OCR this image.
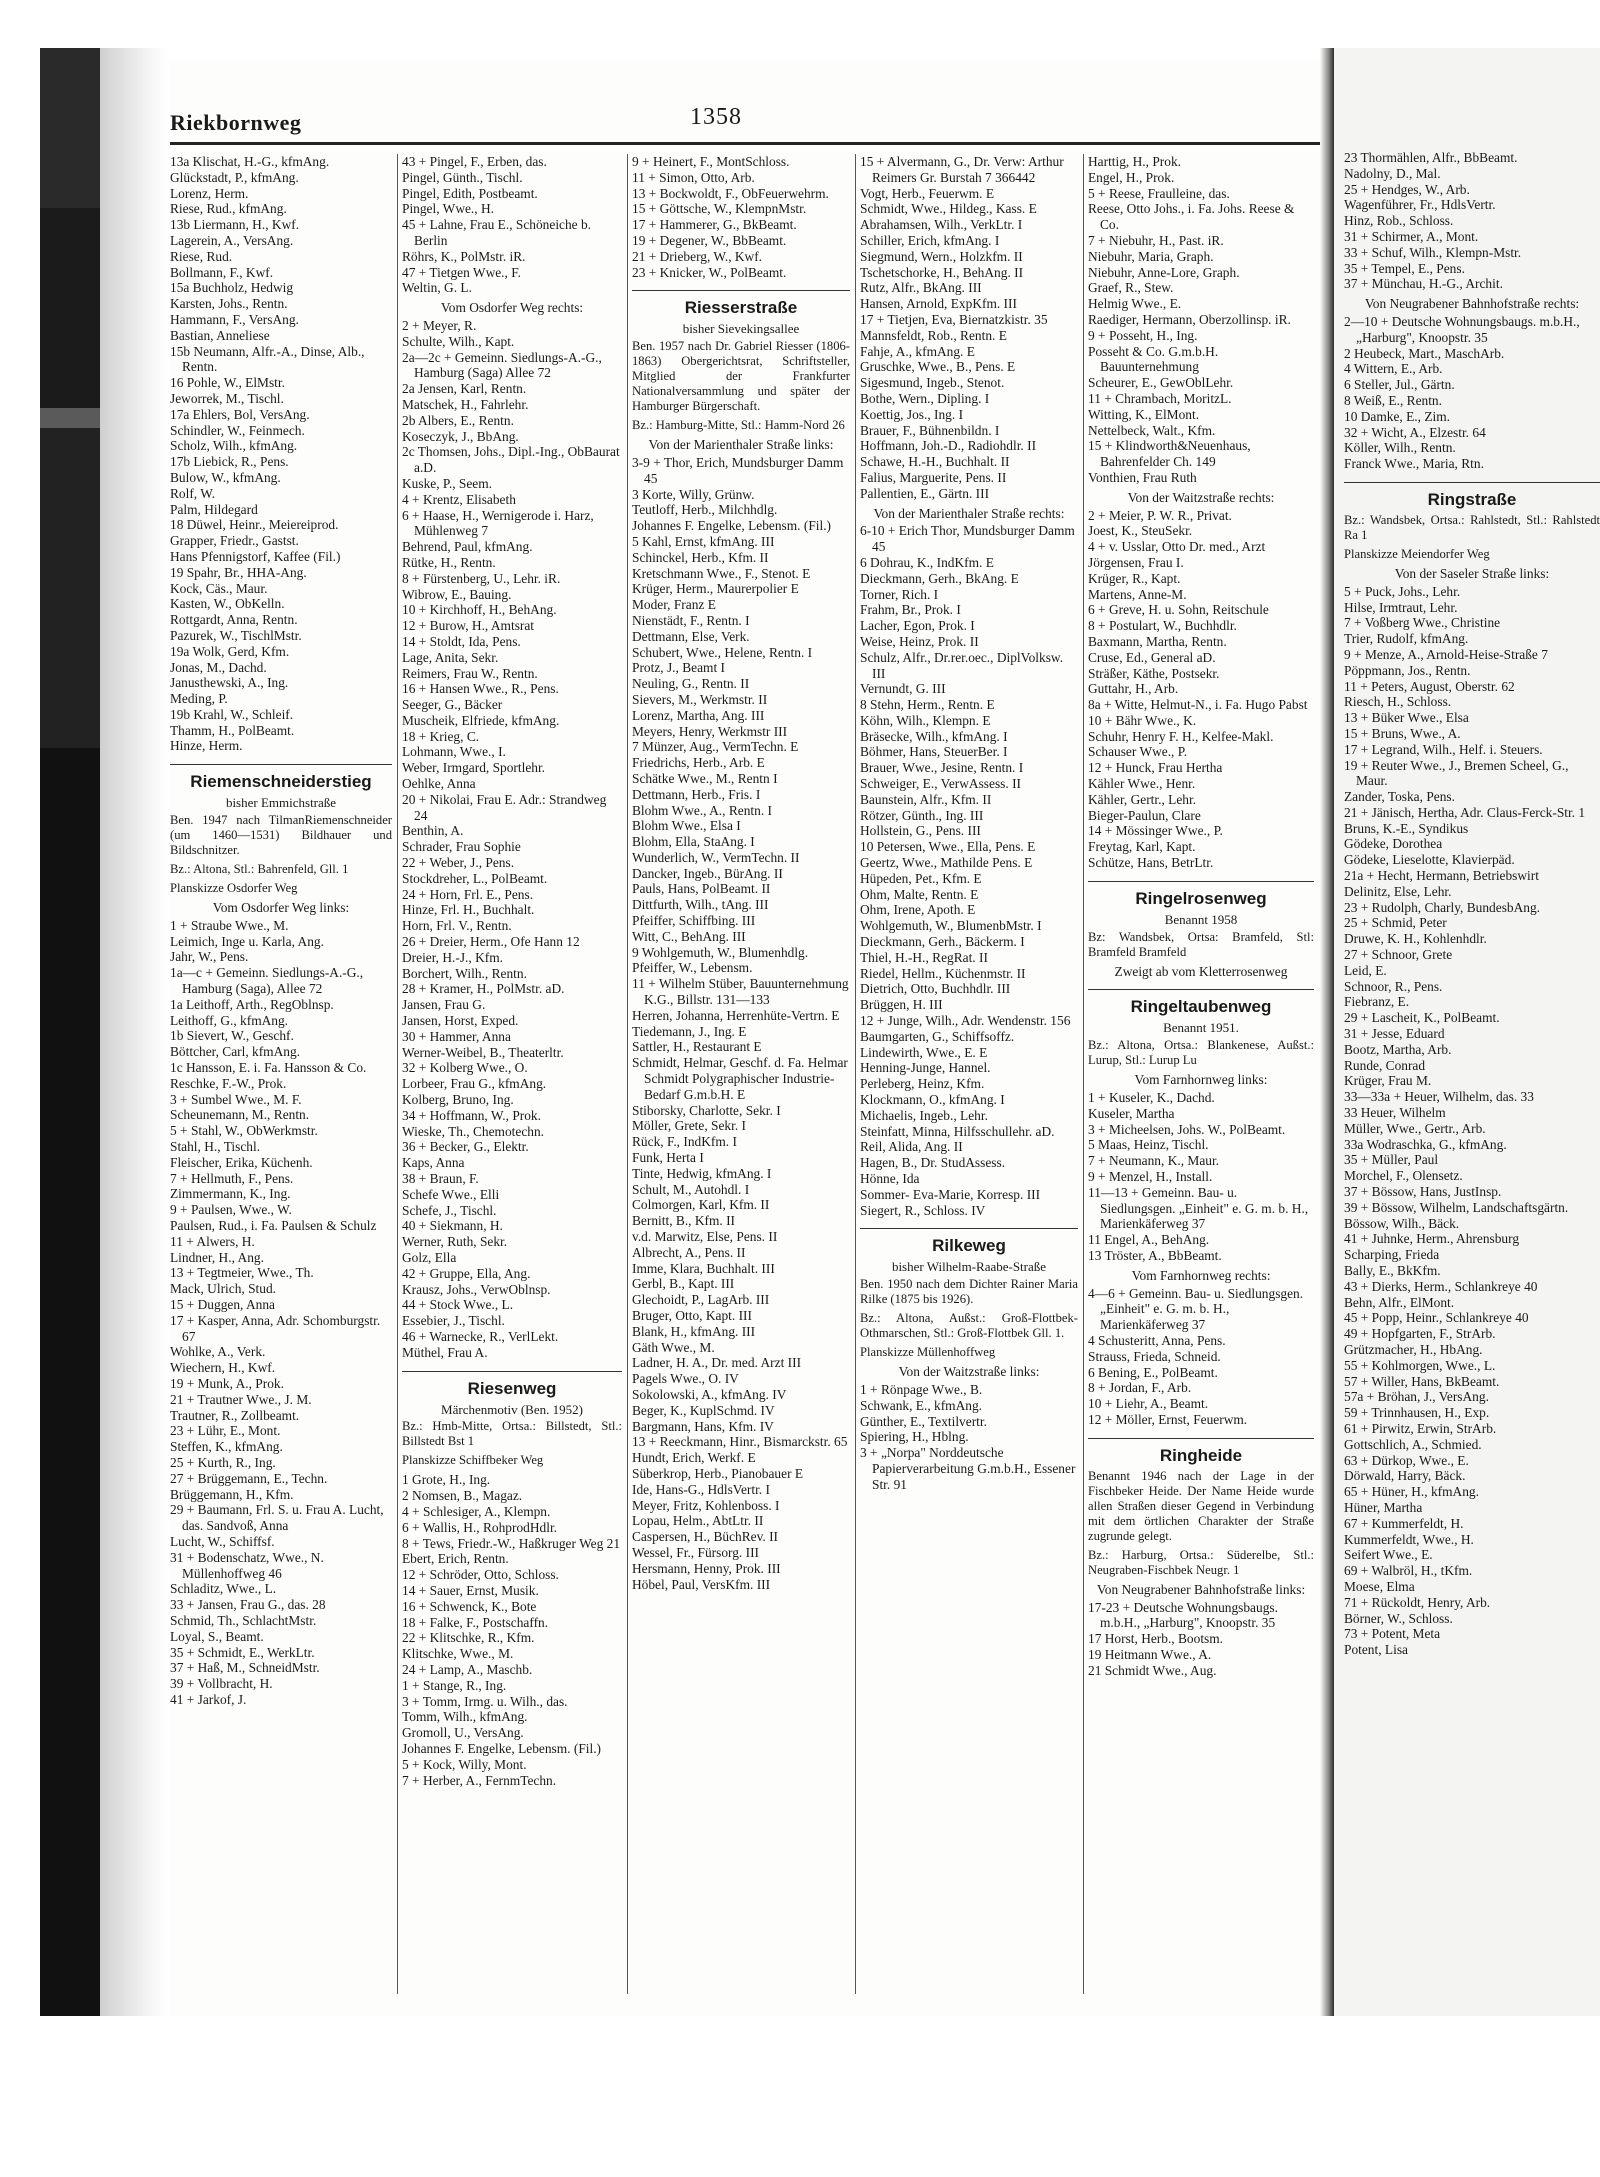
Riekbornweg	1358
13a Klischat, H.-G., kfmAng.
Glückstadt, P., kfmAng.
Lorenz, Herm.
Riese, Rud., kfmAng.
13b Liermann, H., Kwf.
Lagerein, A., VersAng.
Riese, Rud.
Bollmann, F., Kwf.
15a Buchholz, Hedwig
Karsten, Johs., Rentn.
Hammann, F., VersAng.
Bastian, Anneliese
15b Neumann, Alfr.-A., Dinse, Alb., Rentn.
16 Pohle, W., ElMstr.
Jeworrek, M., Tischl.
17a Ehlers, Bol, VersAng.
Schindler, W., Feinmech.
Scholz, Wilh., kfmAng.
17b Liebick, R., Pens.
Bulow, W., kfmAng.
Rolf, W.
Palm, Hildegard
18 Düwel, Heinr., Meiereiprod.
Grapper, Friedr., Gastst.
Hans Pfennigstorf, Kaffee (Fil.)
19 Spahr, Br., HHA-Ang.
Kock, Cäs., Maur.
Kasten, W., ObKelln.
Rottgardt, Anna, Rentn.
Pazurek, W., TischlMstr.
19a Wolk, Gerd, Kfm.
Jonas, M., Dachd.
Janusthewski, A., Ing.
Meding, P.
19b Krahl, W., Schleif.
Thamm, H., PolBeamt.
Hinze, Herm.
Riemenschneiderstieg
bisher Emmichstraße
Ben. 1947 nach TilmanRiemenschneider (um 1460—1531) Bildhauer und Bildschnitzer.
Bz.: Altona, Stl.: Bahrenfeld, Gll. 1
Planskizze Osdorfer Weg
Vom Osdorfer Weg links:
1 + Straube Wwe., M.
Leimich, Inge u. Karla, Ang.
Jahr, W., Pens.
1a—c + Gemeinn. Siedlungs-A.-G., Hamburg (Saga), Allee 72
1a Leithoff, Arth., RegOblnsp.
Leithoff, G., kfmAng.
1b Sievert, W., Geschf.
Böttcher, Carl, kfmAng.
1c Hansson, E. i. Fa. Hansson & Co.
Reschke, F.-W., Prok.
3 + Sumbel Wwe., M. F.
Scheunemann, M., Rentn.
5 + Stahl, W., ObWerkmstr.
Stahl, H., Tischl.
Fleischer, Erika, Küchenh.
7 + Hellmuth, F., Pens.
Zimmermann, K., Ing.
9 + Paulsen, Wwe., W.
Paulsen, Rud., i. Fa. Paulsen & Schulz
11 + Alwers, H.
Lindner, H., Ang.
13 + Tegtmeier, Wwe., Th.
Mack, Ulrich, Stud.
15 + Duggen, Anna
17 + Kasper, Anna, Adr. Schomburgstr. 67
Wohlke, A., Verk.
Wiechern, H., Kwf.
19 + Munk, A., Prok.
21 + Trautner Wwe., J. M.
Trautner, R., Zollbeamt.
23 + Lühr, E., Mont.
Steffen, K., kfmAng.
25 + Kurth, R., Ing.
27 + Brüggemann, E., Techn.
Brüggemann, H., Kfm.
29 + Baumann, Frl. S. u. Frau A. Lucht, das. Sandvoß, Anna
Lucht, W., Schiffsf.
31 + Bodenschatz, Wwe., N. Müllenhoffweg 46
Schladitz, Wwe., L.
33 + Jansen, Frau G., das. 28
Schmid, Th., SchlachtMstr.
Loyal, S., Beamt.
35 + Schmidt, E., WerkLtr.
37 + Haß, M., SchneidMstr.
39 + Vollbracht, H.
41 + Jarkof, J.
43 + Pingel, F., Erben, das.
Pingel, Günth., Tischl.
Pingel, Edith, Postbeamt.
Pingel, Wwe., H.
45 + Lahne, Frau E., Schöneiche b. Berlin
Röhrs, K., PolMstr. iR.
47 + Tietgen Wwe., F.
Weltin, G. L.
Vom Osdorfer Weg rechts:
2 + Meyer, R.
Schulte, Wilh., Kapt.
2a—2c + Gemeinn. Siedlungs-A.-G., Hamburg (Saga) Allee 72
2a Jensen, Karl, Rentn.
Matschek, H., Fahrlehr.
2b Albers, E., Rentn.
Koseczyk, J., BbAng.
2c Thomsen, Johs., Dipl.-Ing., ObBaurat a.D.
Kuske, P., Seem.
4 + Krentz, Elisabeth
6 + Haase, H., Wernigerode i. Harz, Mühlenweg 7
Behrend, Paul, kfmAng.
Rütke, H., Rentn.
8 + Fürstenberg, U., Lehr. iR.
Wibrow, E., Bauing.
10 + Kirchhoff, H., BehAng.
12 + Burow, H., Amtsrat
14 + Stoldt, Ida, Pens.
Lage, Anita, Sekr.
Reimers, Frau W., Rentn.
16 + Hansen Wwe., R., Pens.
Seeger, G., Bäcker
Muscheik, Elfriede, kfmAng.
18 + Krieg, C.
Lohmann, Wwe., I.
Weber, Irmgard, Sportlehr.
Oehlke, Anna
20 + Nikolai, Frau E. Adr.: Strandweg 24
Benthin, A.
Schrader, Frau Sophie
22 + Weber, J., Pens.
Stockdreher, L., PolBeamt.
24 + Horn, Frl. E., Pens.
Hinze, Frl. H., Buchhalt.
Horn, Frl. V., Rentn.
26 + Dreier, Herm., Ofe Hann 12
Dreier, H.-J., Kfm.
Borchert, Wilh., Rentn.
28 + Kramer, H., PolMstr. aD.
Jansen, Frau G.
Jansen, Horst, Exped.
30 + Hammer, Anna
Werner-Weibel, B., Theaterltr.
32 + Kolberg Wwe., O.
Lorbeer, Frau G., kfmAng.
Kolberg, Bruno, Ing.
34 + Hoffmann, W., Prok.
Wieske, Th., Chemotechn.
36 + Becker, G., Elektr.
Kaps, Anna
38 + Braun, F.
Schefe Wwe., Elli
Schefe, J., Tischl.
40 + Siekmann, H.
Werner, Ruth, Sekr.
Golz, Ella
42 + Gruppe, Ella, Ang.
Krausz, Johs., VerwOblnsp.
44 + Stock Wwe., L.
Essebier, J., Tischl.
46 + Warnecke, R., VerlLekt.
Müthel, Frau A.
Riesenweg
Märchenmotiv (Ben. 1952)
Bz.: Hmb-Mitte, Ortsa.: Billstedt, Stl.: Billstedt Bst 1
Planskizze Schiffbeker Weg
1 Grote, H., Ing.
2 Nomsen, B., Magaz.
4 + Schlesiger, A., Klempn.
6 + Wallis, H., RohprodHdlr.
8 + Tews, Friedr.-W., Haßkruger Weg 21
Ebert, Erich, Rentn.
12 + Schröder, Otto, Schloss.
14 + Sauer, Ernst, Musik.
16 + Schwenck, K., Bote
18 + Falke, F., Postschaffn.
22 + Klitschke, R., Kfm.
Klitschke, Wwe., M.
24 + Lamp, A., Maschb.
1 + Stange, R., Ing.
3 + Tomm, Irmg. u. Wilh., das.
Tomm, Wilh., kfmAng.
Gromoll, U., VersAng.
Johannes F. Engelke, Lebensm. (Fil.)
5 + Kock, Willy, Mont.
7 + Herber, A., FernmTechn.
9 + Heinert, F., MontSchloss.
11 + Simon, Otto, Arb.
13 + Bockwoldt, F., ObFeuerwehrm.
15 + Göttsche, W., KlempnMstr.
17 + Hammerer, G., BkBeamt.
19 + Degener, W., BbBeamt.
21 + Drieberg, W., Kwf.
23 + Knicker, W., PolBeamt.
Riesserstraße
bisher Sievekingsallee
Ben. 1957 nach Dr. Gabriel Riesser (1806-1863) Obergerichtsrat, Schriftsteller, Mitglied der Frankfurter Nationalversammlung und später der Hamburger Bürgerschaft.
Bz.: Hamburg-Mitte, Stl.: Hamm-Nord 26
Von der Marienthaler Straße links:
3-9 + Thor, Erich, Mundsburger Damm 45
3 Korte, Willy, Grünw.
Teutloff, Herb., Milchhdlg.
Johannes F. Engelke, Lebensm. (Fil.)
5 Kahl, Ernst, kfmAng. III
Schinckel, Herb., Kfm. II
Kretschmann Wwe., F., Stenot. E
Krüger, Herm., Maurerpolier E
Moder, Franz E
Nienstädt, F., Rentn. I
Dettmann, Else, Verk.
Schubert, Wwe., Helene, Rentn. I
Protz, J., Beamt I
Neuling, G., Rentn. II
Sievers, M., Werkmstr. II
Lorenz, Martha, Ang. III
Meyers, Henry, Werkmstr III
7 Münzer, Aug., VermTechn. E
Friedrichs, Herb., Arb. E
Schätke Wwe., M., Rentn I
Dettmann, Herb., Fris. I
Blohm Wwe., A., Rentn. I
Blohm Wwe., Elsa I
Blohm, Ella, StaAng. I
Wunderlich, W., VermTechn. II
Dancker, Ingeb., BürAng. II
Pauls, Hans, PolBeamt. II
Dittfurth, Wilh., tAng. III
Pfeiffer, Schiffbing. III
Witt, C., BehAng. III
9 Wohlgemuth, W., Blumenhdlg.
Pfeiffer, W., Lebensm.
11 + Wilhelm Stüber, Bauunternehmung K.G., Billstr. 131—133
Herren, Johanna, Herrenhüte-Vertrn. E
Tiedemann, J., Ing. E
Sattler, H., Restaurant E
Schmidt, Helmar, Geschf. d. Fa. Helmar Schmidt Polygraphischer Industrie-Bedarf G.m.b.H. E
Stiborsky, Charlotte, Sekr. I
Möller, Grete, Sekr. I
Rück, F., IndKfm. I
Funk, Herta I
Tinte, Hedwig, kfmAng. I
Schult, M., Autohdl. I
Colmorgen, Karl, Kfm. II
Bernitt, B., Kfm. II
v.d. Marwitz, Else, Pens. II
Albrecht, A., Pens. II
Imme, Klara, Buchhalt. III
Gerbl, B., Kapt. III
Glechoidt, P., LagArb. III
Bruger, Otto, Kapt. III
Blank, H., kfmAng. III
Gäth Wwe., M.
Ladner, H. A., Dr. med. Arzt III
Pagels Wwe., O. IV
Sokolowski, A., kfmAng. IV
Beger, K., KuplSchmd. IV
Bargmann, Hans, Kfm. IV
13 + Reeckmann, Hinr., Bismarckstr. 65
Hundt, Erich, Werkf. E
Süberkrop, Herb., Pianobauer E
Ide, Hans-G., HdlsVertr. I
Meyer, Fritz, Kohlenboss. I
Lopau, Helm., AbtLtr. II
Caspersen, H., BüchRev. II
Wessel, Fr., Fürsorg. III
Hersmann, Henny, Prok. III
Höbel, Paul, VersKfm. III
15 + Alvermann, G., Dr. Verw: Arthur Reimers Gr. Burstah 7 366442
Vogt, Herb., Feuerwm. E
Schmidt, Wwe., Hildeg., Kass. E
Abrahamsen, Wilh., VerkLtr. I
Schiller, Erich, kfmAng. I
Siegmund, Wern., Holzkfm. II
Tschetschorke, H., BehAng. II
Rutz, Alfr., BkAng. III
Hansen, Arnold, ExpKfm. III
17 + Tietjen, Eva, Biernatzkistr. 35
Mannsfeldt, Rob., Rentn. E
Fahje, A., kfmAng. E
Gruschke, Wwe., B., Pens. E
Sigesmund, Ingeb., Stenot.
Bothe, Wern., Dipling. I
Koettig, Jos., Ing. I
Brauer, F., Bühnenbildn. I
Hoffmann, Joh.-D., Radiohdlr. II
Schawe, H.-H., Buchhalt. II
Falius, Marguerite, Pens. II
Pallentien, E., Gärtn. III
Von der Marienthaler Straße rechts:
6-10 + Erich Thor, Mundsburger Damm 45
6 Dohrau, K., IndKfm. E
Dieckmann, Gerh., BkAng. E
Torner, Rich. I
Frahm, Br., Prok. I
Lacher, Egon, Prok. I
Weise, Heinz, Prok. II
Schulz, Alfr., Dr.rer.oec., DiplVolksw. III
Vernundt, G. III
8 Stehn, Herm., Rentn. E
Köhn, Wilh., Klempn. E
Bräsecke, Wilh., kfmAng. I
Böhmer, Hans, SteuerBer. I
Brauer, Wwe., Jesine, Rentn. I
Schweiger, E., VerwAssess. II
Baunstein, Alfr., Kfm. II
Rötzer, Günth., Ing. III
Hollstein, G., Pens. III
10 Petersen, Wwe., Ella, Pens. E
Geertz, Wwe., Mathilde Pens. E
Hüpeden, Pet., Kfm. E
Ohm, Malte, Rentn. E
Ohm, Irene, Apoth. E
Wohlgemuth, W., BlumenbMstr. I
Dieckmann, Gerh., Bäckerm. I
Thiel, H.-H., RegRat. II
Riedel, Hellm., Küchenmstr. II
Dietrich, Otto, Buchhdlr. III
Brüggen, H. III
12 + Junge, Wilh., Adr. Wendenstr. 156
Baumgarten, G., Schiffsoffz.
Lindewirth, Wwe., E. E
Henning-Junge, Hannel.
Perleberg, Heinz, Kfm.
Klockmann, O., kfmAng. I
Michaelis, Ingeb., Lehr.
Steinfatt, Minna, Hilfsschullehr. aD.
Reil, Alida, Ang. II
Hagen, B., Dr. StudAssess.
Hönne, Ida
Sommer- Eva-Marie, Korresp. III
Siegert, R., Schloss. IV
Rilkeweg
bisher Wilhelm-Raabe-Straße
Ben. 1950 nach dem Dichter Rainer Maria Rilke (1875 bis 1926).
Bz.: Altona, Außst.: Groß-Flottbek-Othmarschen, Stl.: Groß-Flottbek Gll. 1.
Planskizze Müllenhoffweg
Von der Waitzstraße links:
1 + Rönpage Wwe., B.
Schwank, E., kfmAng.
Günther, E., Textilvertr.
Spiering, H., Hblng.
3 + „Norpa" Norddeutsche Papierverarbeitung G.m.b.H., Essener Str. 91
Harttig, H., Prok.
Engel, H., Prok.
5 + Reese, Fraulleine, das.
Reese, Otto Johs., i. Fa. Johs. Reese & Co.
7 + Niebuhr, H., Past. iR.
Niebuhr, Maria, Graph.
Niebuhr, Anne-Lore, Graph.
Graef, R., Stew.
Helmig Wwe., E.
Raediger, Hermann, Oberzollinsp. iR.
9 + Posseht, H., Ing.
Posseht & Co. G.m.b.H. Bauunternehmung
Scheurer, E., GewOblLehr.
11 + Chrambach, MoritzL.
Witting, K., ElMont.
Nettelbeck, Walt., Kfm.
15 + Klindworth&Neuenhaus, Bahrenfelder Ch. 149
Vonthien, Frau Ruth
Von der Waitzstraße rechts:
2 + Meier, P. W. R., Privat.
Joest, K., SteuSekr.
4 + v. Usslar, Otto Dr. med., Arzt
Jörgensen, Frau I.
Krüger, R., Kapt.
Martens, Anne-M.
6 + Greve, H. u. Sohn, Reitschule
8 + Postulart, W., Buchhdlr.
Baxmann, Martha, Rentn.
Cruse, Ed., General aD.
Sträßer, Käthe, Postsekr.
Guttahr, H., Arb.
8a + Witte, Helmut-N., i. Fa. Hugo Pabst
10 + Bähr Wwe., K.
Schuhr, Henry F. H., Kelfee-Makl.
Schauser Wwe., P.
12 + Hunck, Frau Hertha
Kähler Wwe., Henr.
Kähler, Gertr., Lehr.
Bieger-Paulun, Clare
14 + Mössinger Wwe., P.
Freytag, Karl, Kapt.
Schütze, Hans, BetrLtr.
Ringelrosenweg
Benannt 1958
Bz: Wandsbek, Ortsa: Bramfeld, Stl: Bramfeld Bramfeld
Zweigt ab vom Kletterrosenweg
Ringeltaubenweg
Benannt 1951.
Bz.: Altona, Ortsa.: Blankenese, Außst.: Lurup, Stl.: Lurup Lu
Vom Farnhornweg links:
1 + Kuseler, K., Dachd.
Kuseler, Martha
3 + Micheelsen, Johs. W., PolBeamt.
5 Maas, Heinz, Tischl.
7 + Neumann, K., Maur.
9 + Menzel, H., Install.
11—13 + Gemeinn. Bau- u. Siedlungsgen. „Einheit" e. G. m. b. H., Marienkäferweg 37
11 Engel, A., BehAng.
13 Tröster, A., BbBeamt.
Vom Farnhornweg rechts:
4—6 + Gemeinn. Bau- u. Siedlungsgen. „Einheit" e. G. m. b. H., Marienkäferweg 37
4 Schusteritt, Anna, Pens.
Strauss, Frieda, Schneid.
6 Bening, E., PolBeamt.
8 + Jordan, F., Arb.
10 + Liehr, A., Beamt.
12 + Möller, Ernst, Feuerwm.
Ringheide
Benannt 1946 nach der Lage in der Fischbeker Heide. Der Name Heide wurde allen Straßen dieser Gegend in Verbindung mit dem örtlichen Charakter der Straße zugrunde gelegt.
Bz.: Harburg, Ortsa.: Süderelbe, Stl.: Neugraben-Fischbek Neugr. 1
Von Neugrabener Bahnhofstraße links:
17-23 + Deutsche Wohnungsbaugs. m.b.H., „Harburg", Knoopstr. 35
17 Horst, Herb., Bootsm.
19 Heitmann Wwe., A.
21 Schmidt Wwe., Aug.
23 Thormählen, Alfr., BbBeamt.
Nadolny, D., Mal.
25 + Hendges, W., Arb.
Wagenführer, Fr., HdlsVertr.
Hinz, Rob., Schloss.
31 + Schirmer, A., Mont.
33 + Schuf, Wilh., Klempn-Mstr.
35 + Tempel, E., Pens.
37 + Münchau, H.-G., Archit.
Von Neugrabener Bahnhofstraße rechts:
2—10 + Deutsche Wohnungsbaugs. m.b.H., „Harburg", Knoopstr. 35
2 Heubeck, Mart., MaschArb.
4 Wittern, E., Arb.
6 Steller, Jul., Gärtn.
8 Weiß, E., Rentn.
10 Damke, E., Zim.
32 + Wicht, A., Elzestr. 64
Köller, Wilh., Rentn.
Franck Wwe., Maria, Rtn.
Ringstraße
Bz.: Wandsbek, Ortsa.: Rahlstedt, Stl.: Rahlstedt Ra 1
Planskizze Meiendorfer Weg
Von der Saseler Straße links:
5 + Puck, Johs., Lehr.
Hilse, Irmtraut, Lehr.
7 + Voßberg Wwe., Christine
Trier, Rudolf, kfmAng.
9 + Menze, A., Arnold-Heise-Straße 7
Pöppmann, Jos., Rentn.
11 + Peters, August, Oberstr. 62
Riesch, H., Schloss.
13 + Büker Wwe., Elsa
15 + Bruns, Wwe., A.
17 + Legrand, Wilh., Helf. i. Steuers.
19 + Reuter Wwe., J., Bremen Scheel, G., Maur.
Zander, Toska, Pens.
21 + Jänisch, Hertha, Adr. Claus-Ferck-Str. 1
Bruns, K.-E., Syndikus
Gödeke, Dorothea
Gödeke, Lieselotte, Klavierpäd.
21a + Hecht, Hermann, Betriebswirt
Delinitz, Else, Lehr.
23 + Rudolph, Charly, BundesbAng.
25 + Schmid, Peter
Druwe, K. H., Kohlenhdlr.
27 + Schnoor, Grete
Leid, E.
Schnoor, R., Pens.
Fiebranz, E.
29 + Lascheit, K., PolBeamt.
31 + Jesse, Eduard
Bootz, Martha, Arb.
Runde, Conrad
Krüger, Frau M.
33—33a + Heuer, Wilhelm, das. 33
33 Heuer, Wilhelm
Müller, Wwe., Gertr., Arb.
33a Wodraschka, G., kfmAng.
35 + Müller, Paul
Morchel, F., Olensetz.
37 + Bössow, Hans, JustInsp.
39 + Bössow, Wilhelm, Landschaftsgärtn.
Bössow, Wilh., Bäck.
41 + Juhnke, Herm., Ahrensburg
Scharping, Frieda
Bally, E., BkKfm.
43 + Dierks, Herm., Schlankreye 40
Behn, Alfr., ElMont.
45 + Popp, Heinr., Schlankreye 40
49 + Hopfgarten, F., StrArb.
Grützmacher, H., HbAng.
55 + Kohlmorgen, Wwe., L.
57 + Willer, Hans, BkBeamt.
57a + Bröhan, J., VersAng.
59 + Trinnhausen, H., Exp.
61 + Pirwitz, Erwin, StrArb.
Gottschlich, A., Schmied.
63 + Dürkop, Wwe., E.
Dörwald, Harry, Bäck.
65 + Hüner, H., kfmAng.
Hüner, Martha
67 + Kummerfeldt, H.
Kummerfeldt, Wwe., H.
Seifert Wwe., E.
69 + Walbröl, H., tKfm.
Moese, Elma
71 + Rückoldt, Henry, Arb.
Börner, W., Schloss.
73 + Potent, Meta
Potent, Lisa
